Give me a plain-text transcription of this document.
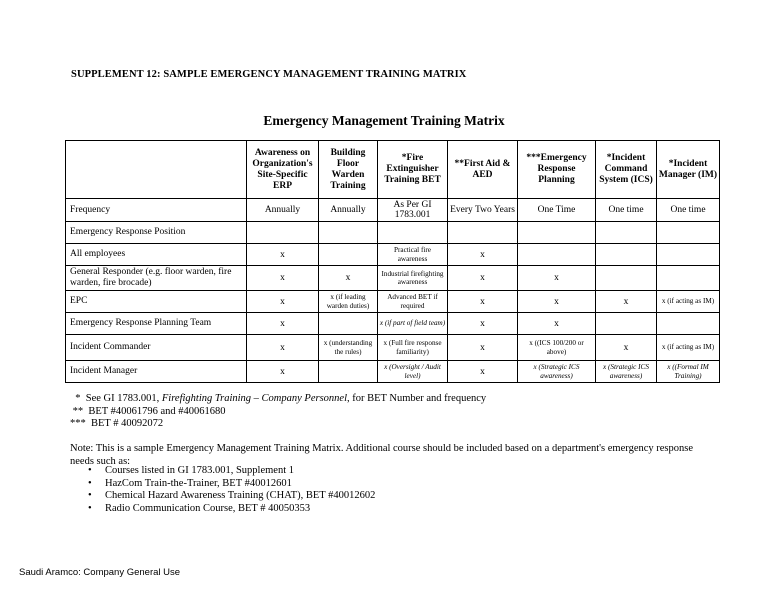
SUPPLEMENT 12: SAMPLE EMERGENCY MANAGEMENT TRAINING MATRIX
Emergency Management Training Matrix
	Awareness on Organization's Site-Specific ERP	Building Floor Warden Training	*Fire Extinguisher Training BET	**First Aid & AED	***Emergency Response Planning	*Incident Command System (ICS)	*Incident Manager (IM)
Frequency	Annually	Annually	As Per GI 1783.001	Every Two Years	One Time	One time	One time
Emergency Response Position							
All employees	x		Practical fire awareness	x			
General Responder (e.g. floor warden, fire warden, fire brocade)	x	x	Industrial firefighting awareness	x	x		
EPC	x	x (if leading warden duties)	Advanced BET if required	x	x	x	x (if acting as IM)
Emergency Response Planning Team	x		x (if part of field team)	x	x		
Incident Commander	x	x (understanding the rules)	x (Full fire response familiarity)	x	x ((ICS 100/200 or above)	x	x (if acting as IM)
Incident Manager	x		x (Oversight / Audit level)	x	x (Strategic ICS awareness)	x (Strategic ICS awareness)	x ((Formal IM Training)
* See GI 1783.001, Firefighting Training – Company Personnel, for BET Number and frequency
** BET #40061796 and #40061680
*** BET # 40092072
Note: This is a sample Emergency Management Training Matrix. Additional course should be included based on a department's emergency response needs such as:
• Courses listed in GI 1783.001, Supplement 1
• HazCom Train-the-Trainer, BET #40012601
• Chemical Hazard Awareness Training (CHAT), BET #40012602
• Radio Communication Course, BET # 40050353
Saudi Aramco: Company General Use
